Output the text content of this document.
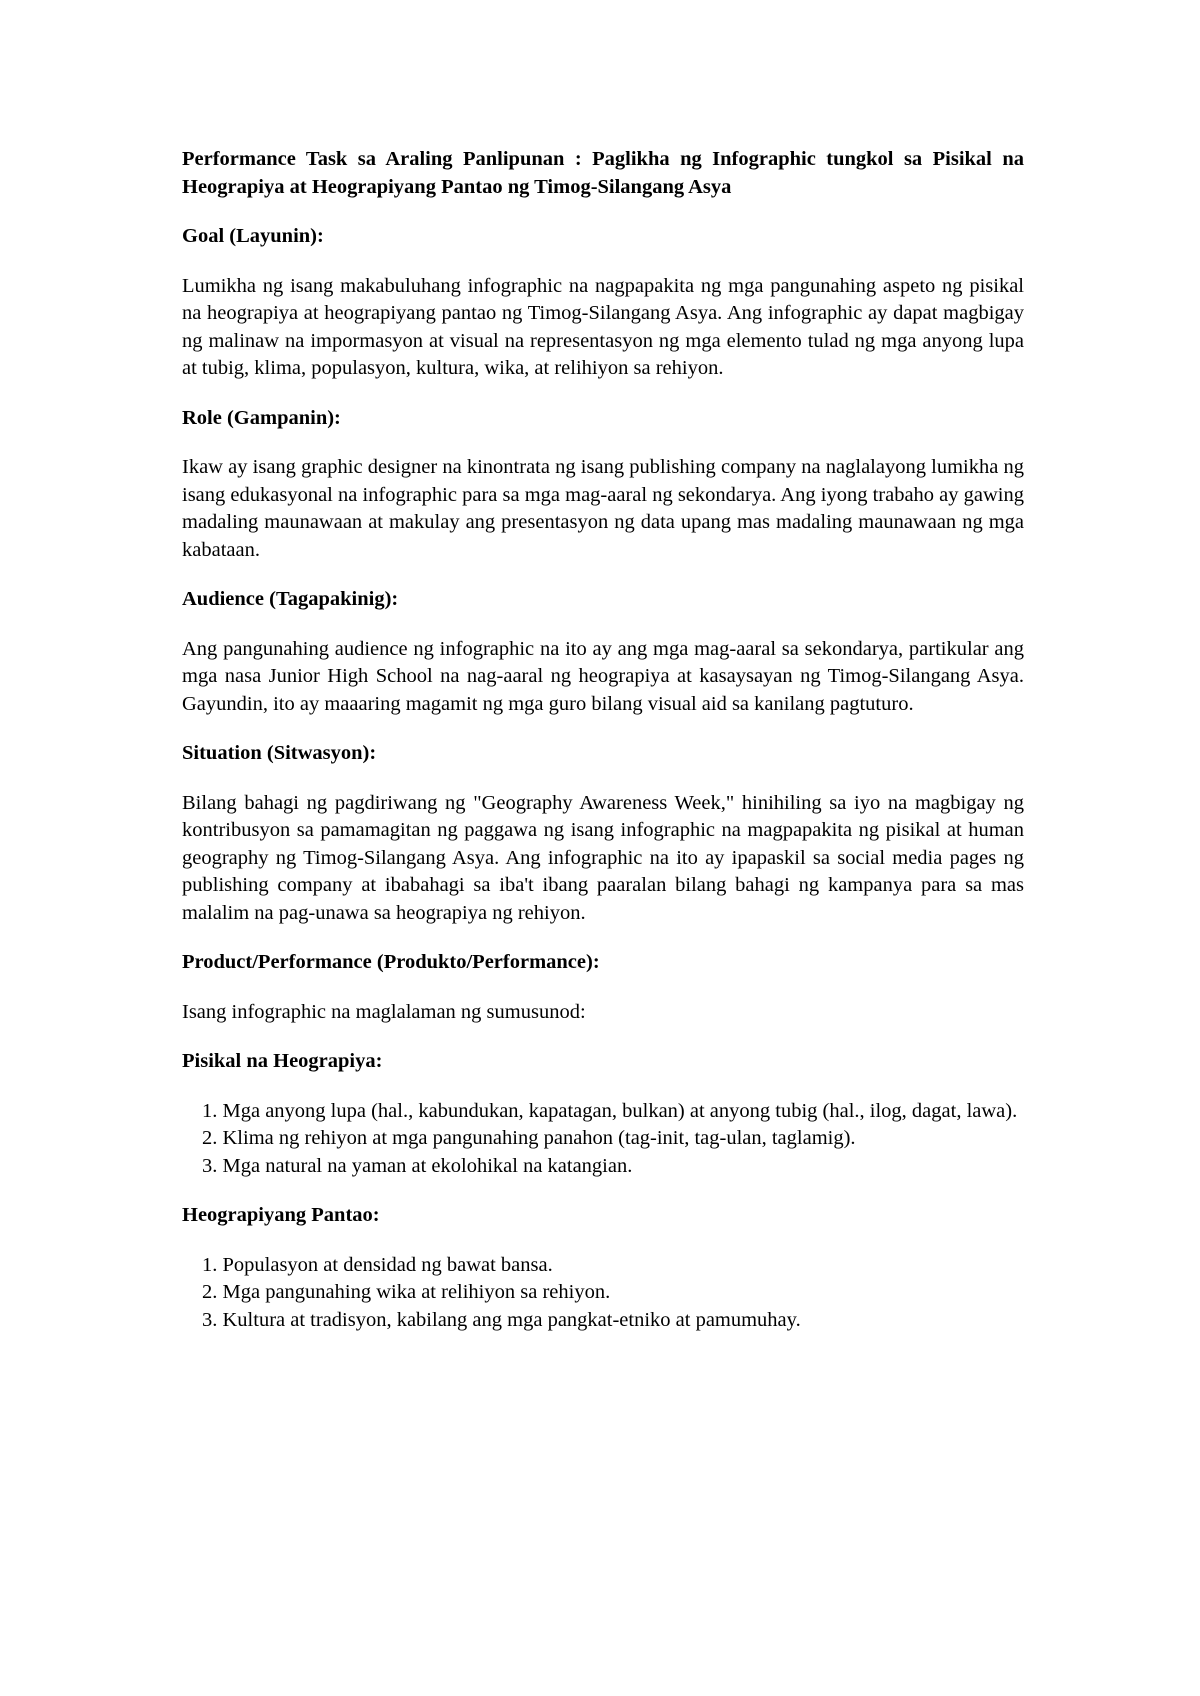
Performance Task sa Araling Panlipunan : Paglikha ng Infographic tungkol sa Pisikal na Heograpiya at Heograpiyang Pantao ng Timog-Silangang Asya
Goal (Layunin):
Lumikha ng isang makabuluhang infographic na nagpapakita ng mga pangunahing aspeto ng pisikal na heograpiya at heograpiyang pantao ng Timog-Silangang Asya. Ang infographic ay dapat magbigay ng malinaw na impormasyon at visual na representasyon ng mga elemento tulad ng mga anyong lupa at tubig, klima, populasyon, kultura, wika, at relihiyon sa rehiyon.
Role (Gampanin):
Ikaw ay isang graphic designer na kinontrata ng isang publishing company na naglalayong lumikha ng isang edukasyonal na infographic para sa mga mag-aaral ng sekondarya. Ang iyong trabaho ay gawing madaling maunawaan at makulay ang presentasyon ng data upang mas madaling maunawaan ng mga kabataan.
Audience (Tagapakinig):
Ang pangunahing audience ng infographic na ito ay ang mga mag-aaral sa sekondarya, partikular ang mga nasa Junior High School na nag-aaral ng heograpiya at kasaysayan ng Timog-Silangang Asya. Gayundin, ito ay maaaring magamit ng mga guro bilang visual aid sa kanilang pagtuturo.
Situation (Sitwasyon):
Bilang bahagi ng pagdiriwang ng "Geography Awareness Week," hinihiling sa iyo na magbigay ng kontribusyon sa pamamagitan ng paggawa ng isang infographic na magpapakita ng pisikal at human geography ng Timog-Silangang Asya. Ang infographic na ito ay ipapaskil sa social media pages ng publishing company at ibabahagi sa iba't ibang paaralan bilang bahagi ng kampanya para sa mas malalim na pag-unawa sa heograpiya ng rehiyon.
Product/Performance (Produkto/Performance):
Isang infographic na maglalaman ng sumusunod:
Pisikal na Heograpiya:
1. Mga anyong lupa (hal., kabundukan, kapatagan, bulkan) at anyong tubig (hal., ilog, dagat, lawa).
2. Klima ng rehiyon at mga pangunahing panahon (tag-init, tag-ulan, taglamig).
3. Mga natural na yaman at ekolohikal na katangian.
Heograpiyang Pantao:
1. Populasyon at densidad ng bawat bansa.
2. Mga pangunahing wika at relihiyon sa rehiyon.
3. Kultura at tradisyon, kabilang ang mga pangkat-etniko at pamumuhay.
